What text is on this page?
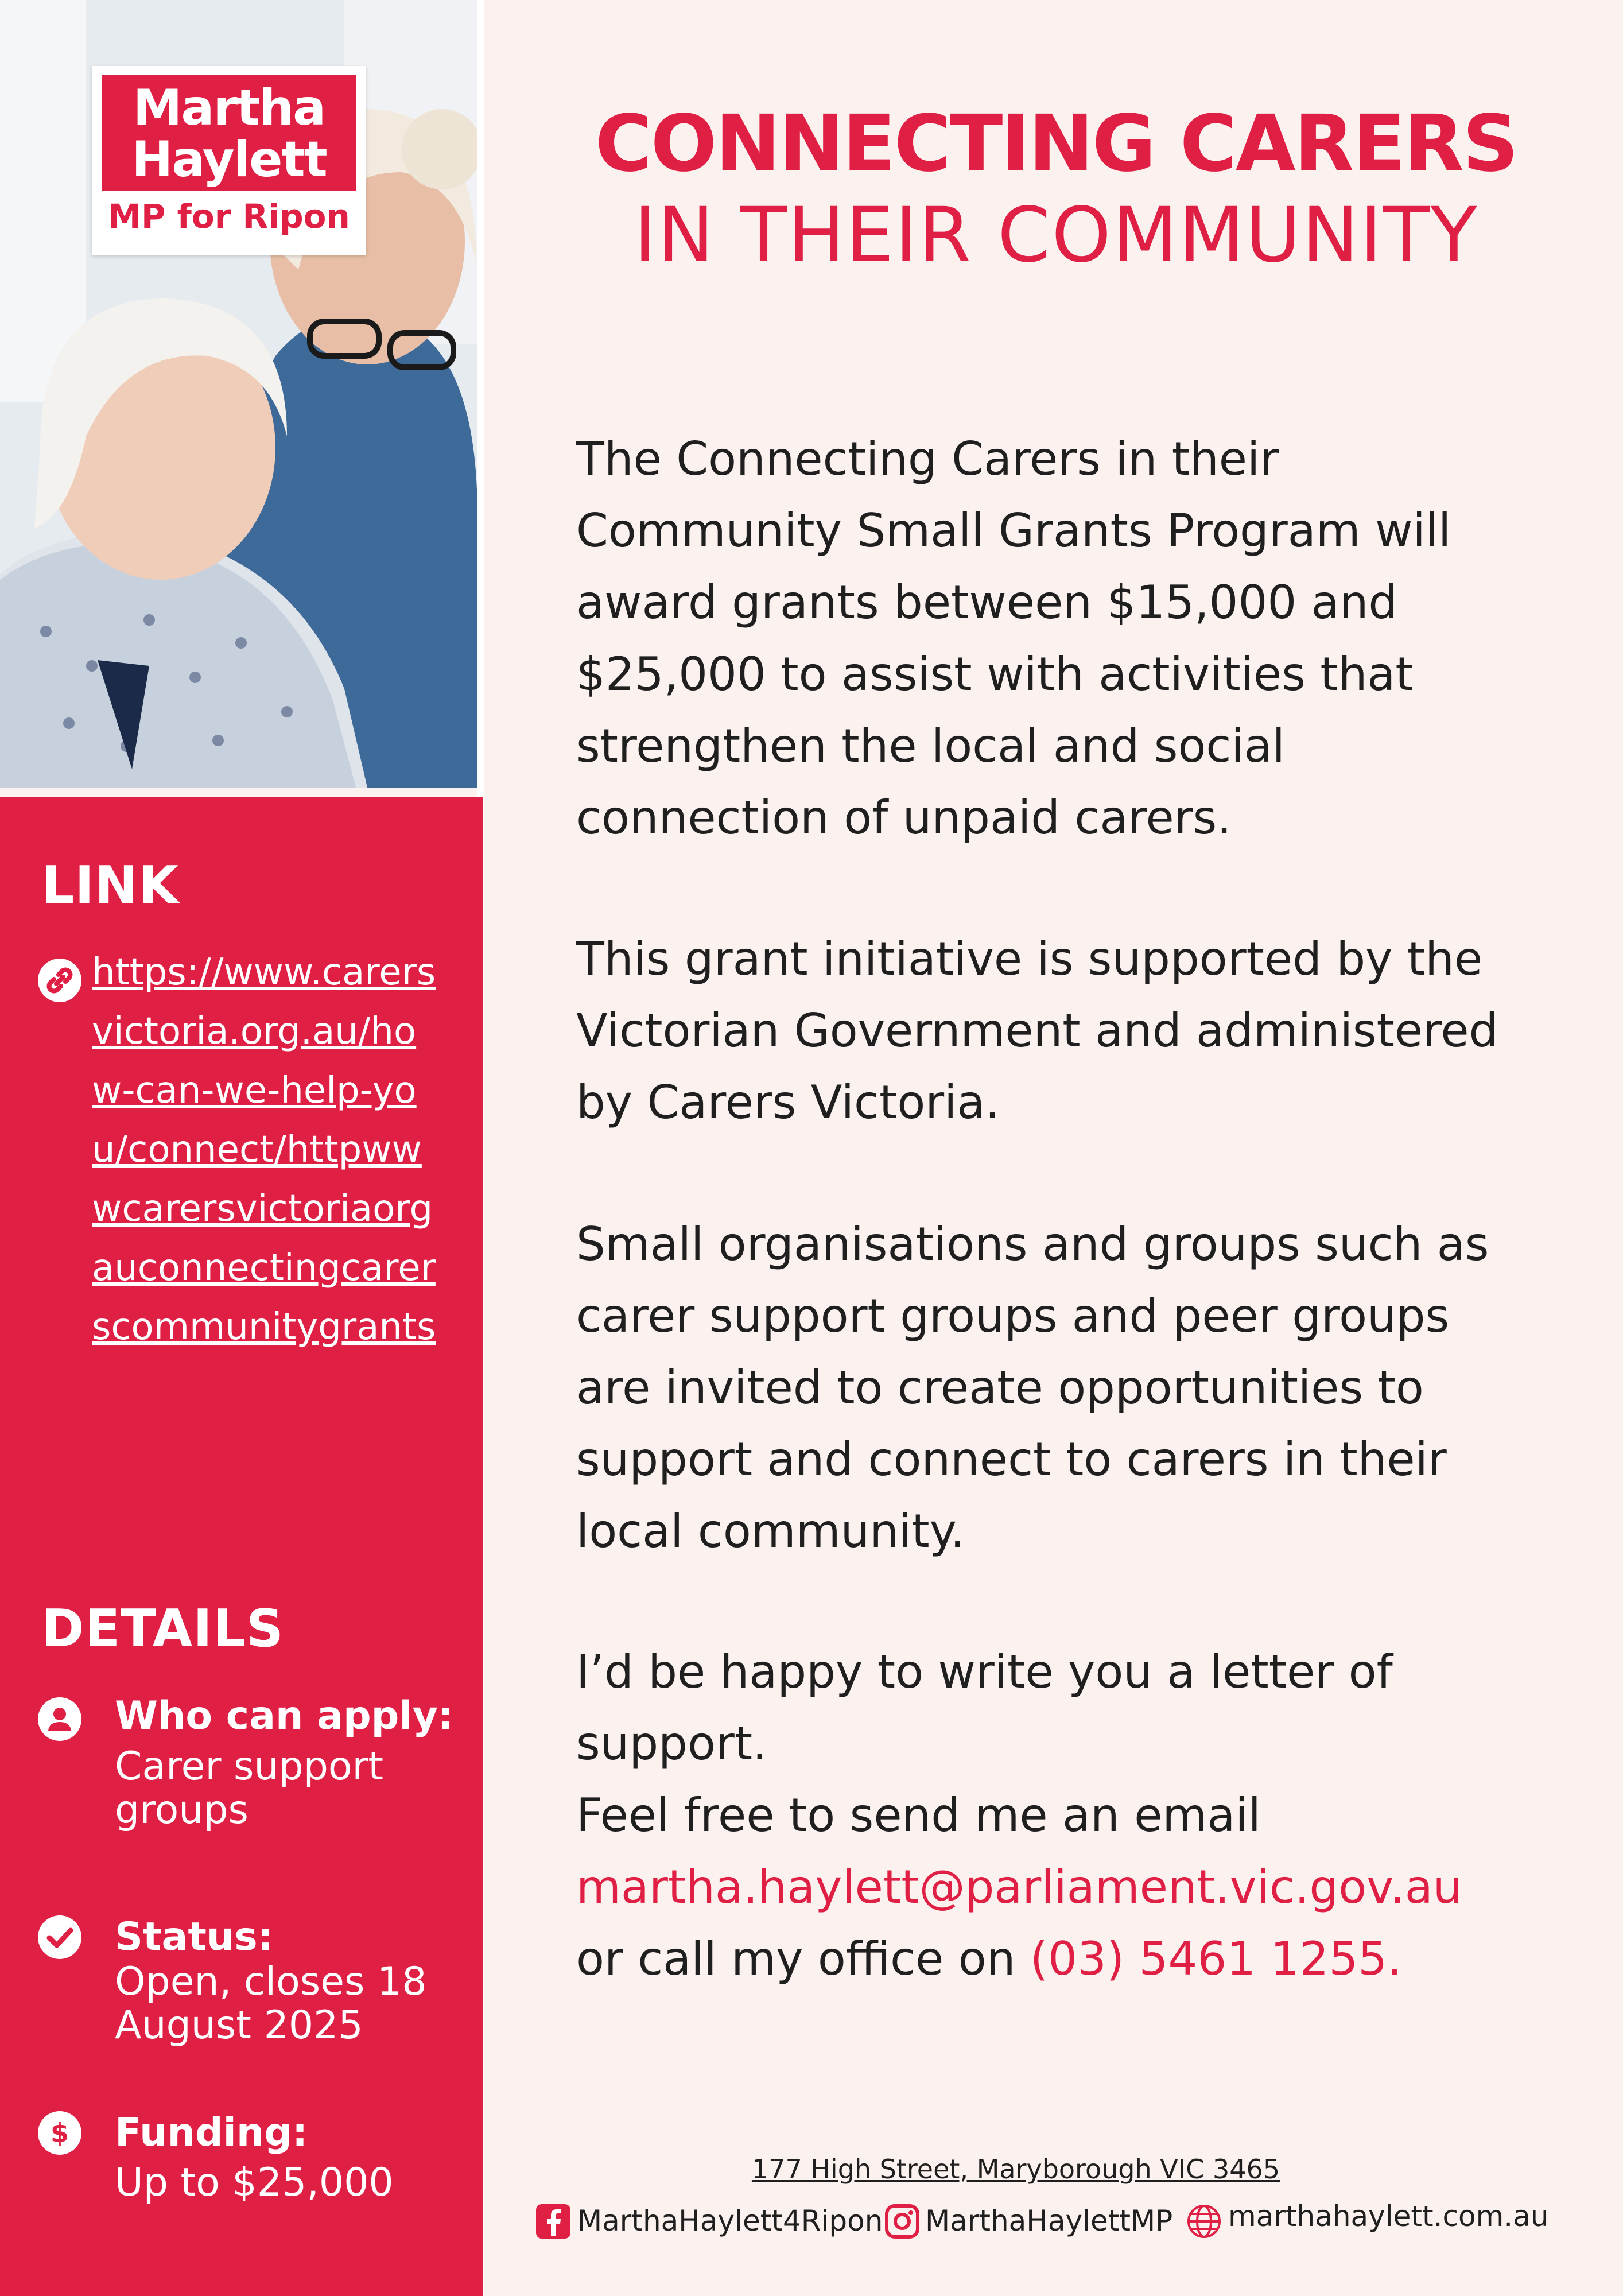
Martha
Haylett
MP for Ripon
CONNECTING CARERS
IN THEIR COMMUNITY
The Connecting Carers in their Community Small Grants Program will award grants between $15,000 and $25,000 to assist with activities that strengthen the local and social connection of unpaid carers.
This grant initiative is supported by the Victorian Government and administered by Carers Victoria.
Small organisations and groups such as carer support groups and peer groups are invited to create opportunities to support and connect to carers in their local community.
I’d be happy to write you a letter of support.
Feel free to send me an email
martha.haylett@parliament.vic.gov.au
or call my office on (03) 5461 1255.
LINK
https://www.carersvictoria.org.au/how-can-we-help-you/connect/httpwwwcarersvictoriaorgauconnectingcarerscommunitygrants
DETAILS
Who can apply:
Carer support groups
Status:
Open, closes 18 August 2025
$ Funding:
Up to $25,000	177 High Street, Maryborough VIC 3465
MarthaHaylett4Ripon MarthaHaylettMP marthahaylett.com.au
